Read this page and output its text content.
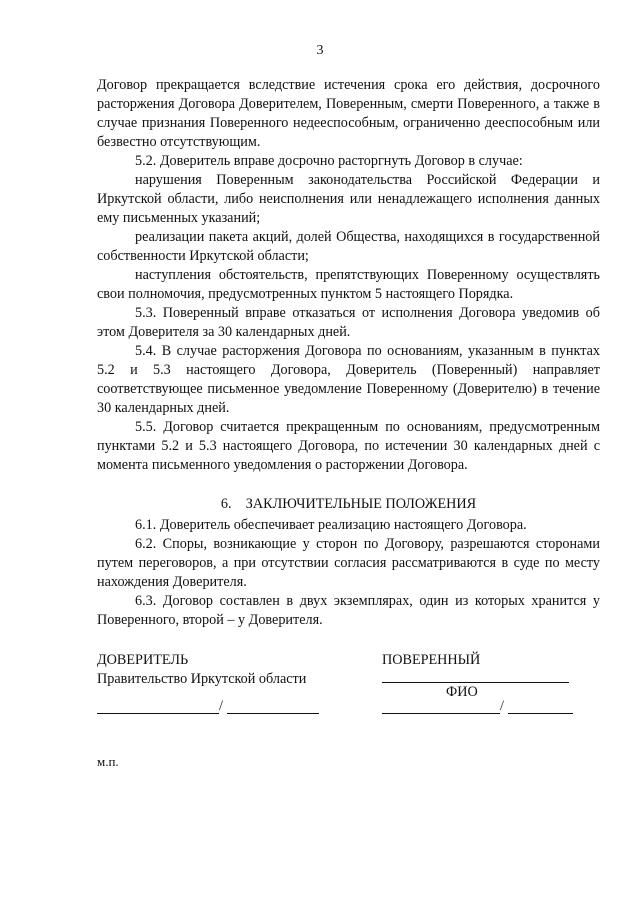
3

Договор прекращается вследствие истечения срока его действия, досрочного расторжения Договора Доверителем, Поверенным, смерти Поверенного, а также в случае признания Поверенного недееспособным, ограниченно дееспособным или безвестно отсутствующим.

5.2. Доверитель вправе досрочно расторгнуть Договор в случае:

нарушения Поверенным законодательства Российской Федерации и Иркутской области, либо неисполнения или ненадлежащего исполнения данных ему письменных указаний;

реализации пакета акций, долей Общества, находящихся в государственной собственности Иркутской области;

наступления обстоятельств, препятствующих Поверенному осуществлять свои полномочия, предусмотренных пунктом 5 настоящего Порядка.

5.3. Поверенный вправе отказаться от исполнения Договора уведомив об этом Доверителя за 30 календарных дней.

5.4. В случае расторжения Договора по основаниям, указанным в пунктах 5.2 и 5.3 настоящего Договора, Доверитель (Поверенный) направляет соответствующее письменное уведомление Поверенному (Доверителю) в течение 30 календарных дней.

5.5. Договор считается прекращенным по основаниям, предусмотренным пунктами 5.2 и 5.3 настоящего Договора, по истечении 30 календарных дней с момента письменного уведомления о расторжении Договора.

6.    ЗАКЛЮЧИТЕЛЬНЫЕ ПОЛОЖЕНИЯ

6.1. Доверитель обеспечивает реализацию настоящего Договора.

6.2. Споры, возникающие у сторон по Договору, разрешаются сторонами путем переговоров, а при отсутствии согласия рассматриваются в суде по месту нахождения Доверителя.

6.3. Договор составлен в двух экземплярах, один из которых хранится у Поверенного, второй – у Доверителя.

ДОВЕРИТЕЛЬ
Правительство Иркутской области
/
ПОВЕРЕННЫЙ
ФИО
/
м.п.
